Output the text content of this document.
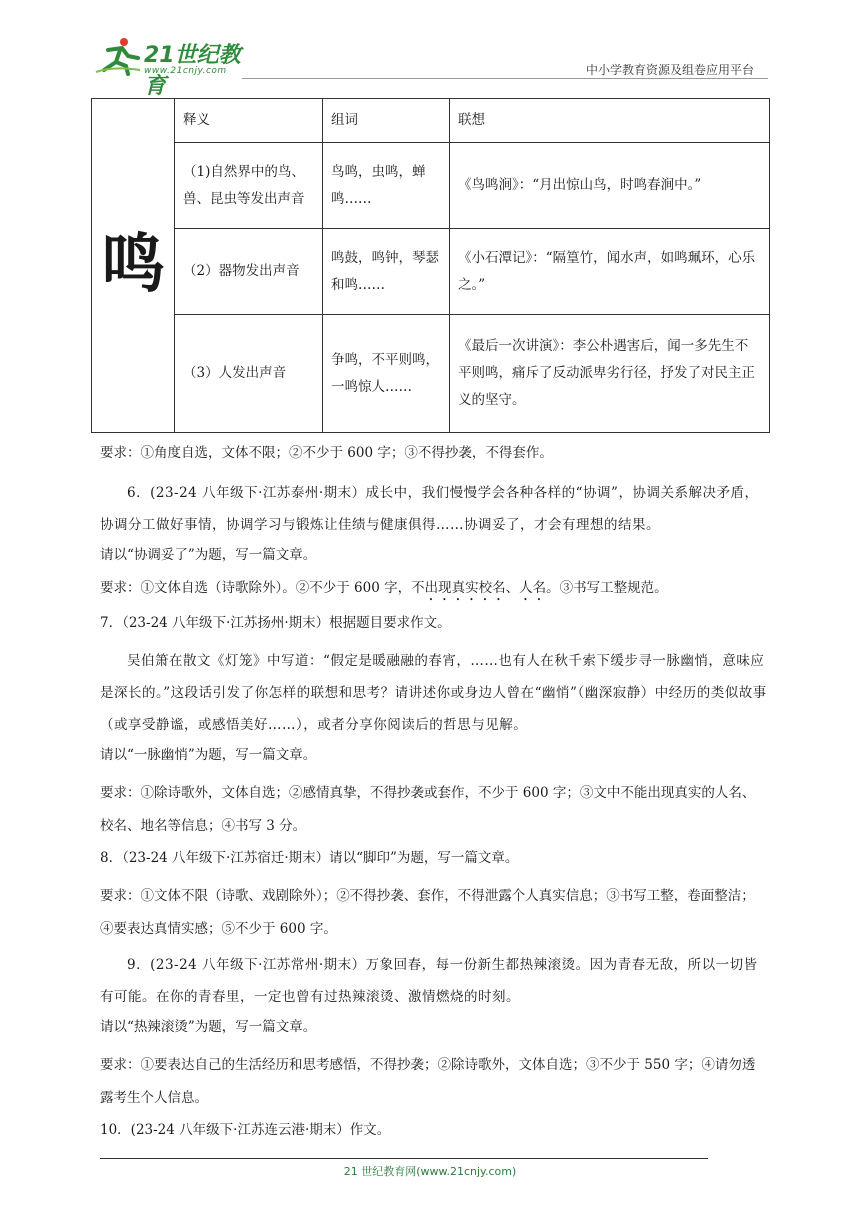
21世纪教育
www.21cnjy.com	中小学教育资源及组卷应用平台
鸣	释义	组词	联想
	（1)自然界中的鸟、兽、昆虫等发出声音	鸟鸣，虫鸣，蝉鸣……	《鸟鸣涧》：“月出惊山鸟，时鸣春涧中。”
	（2）器物发出声音	鸣鼓，鸣钟，琴瑟和鸣……	《小石潭记》：“隔篁竹，闻水声，如鸣珮环，心乐之。”
	（3）人发出声音	争鸣，不平则鸣，一鸣惊人……	《最后一次讲演》：李公朴遇害后，闻一多先生不平则鸣，痛斥了反动派卑劣行径，抒发了对民主正义的坚守。

要求：①角度自选，文体不限；②不少于 600 字；③不得抄袭，不得套作。

6．(23-24 八年级下·江苏泰州·期末）成长中，我们慢慢学会各种各样的“协调”，协调关系解决矛盾，协调分工做好事情，协调学习与锻炼让佳绩与健康俱得……协调妥了，才会有理想的结果。

请以“协调妥了”为题，写一篇文章。

要求：①文体自选（诗歌除外）。②不少于 600 字，不出现真实校名、人名。③书写工整规范。

7．（23-24 八年级下·江苏扬州·期末）根据题目要求作文。

吴伯箫在散文《灯笼》中写道：“假定是暖融融的春宵，……也有人在秋千索下缓步寻一脉幽悄，意味应是深长的。”这段话引发了你怎样的联想和思考？请讲述你或身边人曾在“幽悄”（幽深寂静）中经历的类似故事（或享受静谧，或感悟美好……），或者分享你阅读后的哲思与见解。

请以“一脉幽悄”为题，写一篇文章。

要求：①除诗歌外，文体自选；②感情真挚，不得抄袭或套作，不少于 600 字；③文中不能出现真实的人名、校名、地名等信息；④书写 3 分。

8．（23-24 八年级下·江苏宿迁·期末）请以“脚印”为题，写一篇文章。

要求：①文体不限（诗歌、戏剧除外）；②不得抄袭、套作，不得泄露个人真实信息；③书写工整，卷面整洁；④要表达真情实感；⑤不少于 600 字。

9．(23-24 八年级下·江苏常州·期末）万象回春，每一份新生都热辣滚烫。因为青春无敌，所以一切皆有可能。在你的青春里，一定也曾有过热辣滚烫、激情燃烧的时刻。

请以“热辣滚烫”为题，写一篇文章。

要求：①要表达自己的生活经历和思考感悟，不得抄袭；②除诗歌外，文体自选；③不少于 550 字；④请勿透露考生个人信息。

10．(23-24 八年级下·江苏连云港·期末）作文。

21 世纪教育网(www.21cnjy.com)
